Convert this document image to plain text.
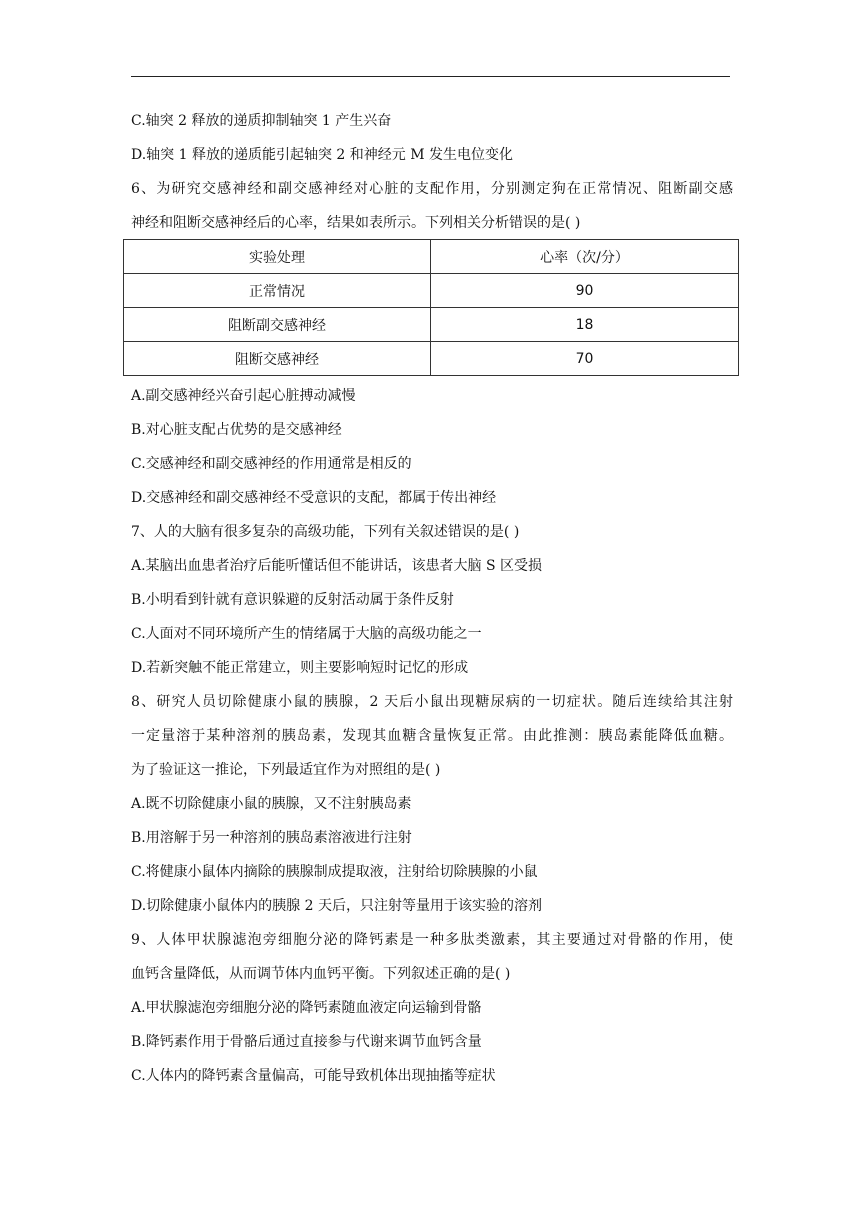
C.轴突 2 释放的递质抑制轴突 1 产生兴奋
D.轴突 1 释放的递质能引起轴突 2 和神经元 M 发生电位变化
6、为研究交感神经和副交感神经对心脏的支配作用，分别测定狗在正常情况、阻断副交感
神经和阻断交感神经后的心率，结果如表所示。下列相关分析错误的是( )
实验处理	心率（次/分）
正常情况	90
阻断副交感神经	18
阻断交感神经	70
A.副交感神经兴奋引起心脏搏动减慢
B.对心脏支配占优势的是交感神经
C.交感神经和副交感神经的作用通常是相反的
D.交感神经和副交感神经不受意识的支配，都属于传出神经
7、人的大脑有很多复杂的高级功能，下列有关叙述错误的是( )
A.某脑出血患者治疗后能听懂话但不能讲话，该患者大脑 S 区受损
B.小明看到针就有意识躲避的反射活动属于条件反射
C.人面对不同环境所产生的情绪属于大脑的高级功能之一
D.若新突触不能正常建立，则主要影响短时记忆的形成
8、研究人员切除健康小鼠的胰腺，2 天后小鼠出现糖尿病的一切症状。随后连续给其注射
一定量溶于某种溶剂的胰岛素，发现其血糖含量恢复正常。由此推测：胰岛素能降低血糖。
为了验证这一推论，下列最适宜作为对照组的是( )
A.既不切除健康小鼠的胰腺，又不注射胰岛素
B.用溶解于另一种溶剂的胰岛素溶液进行注射
C.将健康小鼠体内摘除的胰腺制成提取液，注射给切除胰腺的小鼠
D.切除健康小鼠体内的胰腺 2 天后，只注射等量用于该实验的溶剂
9、人体甲状腺滤泡旁细胞分泌的降钙素是一种多肽类激素，其主要通过对骨骼的作用，使
血钙含量降低，从而调节体内血钙平衡。下列叙述正确的是( )
A.甲状腺滤泡旁细胞分泌的降钙素随血液定向运输到骨骼
B.降钙素作用于骨骼后通过直接参与代谢来调节血钙含量
C.人体内的降钙素含量偏高，可能导致机体出现抽搐等症状
